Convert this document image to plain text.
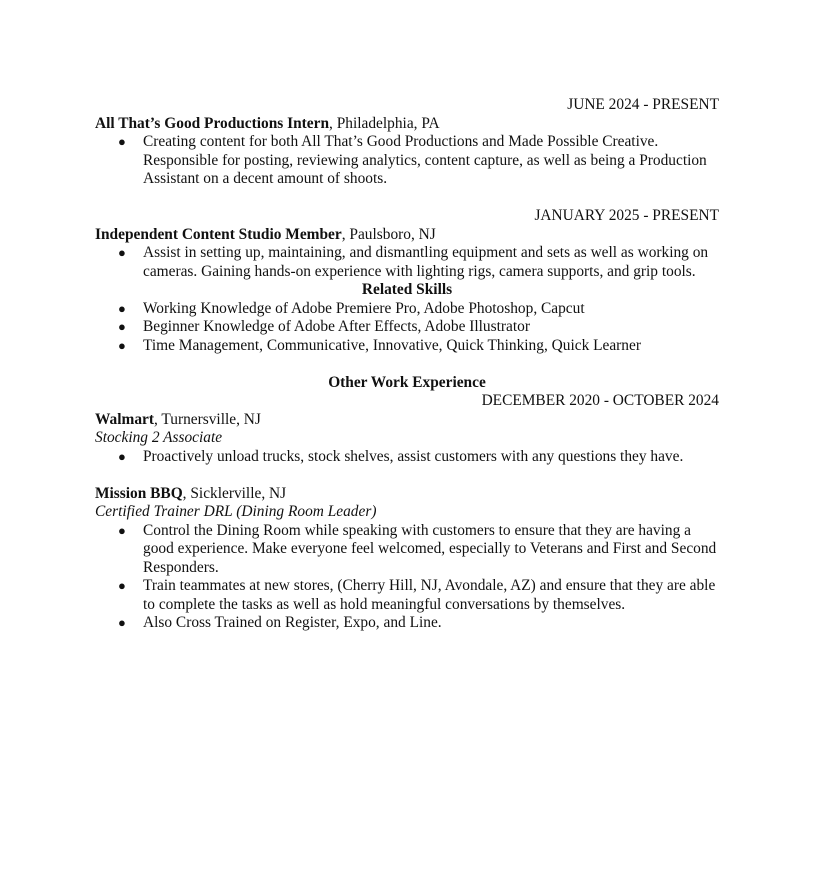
JUNE 2024 - PRESENT
All That’s Good Productions Intern, Philadelphia, PA
● Creating content for both All That’s Good Productions and Made Possible Creative. Responsible for posting, reviewing analytics, content capture, as well as being a Production Assistant on a decent amount of shoots.
JANUARY 2025 - PRESENT
Independent Content Studio Member, Paulsboro, NJ
● Assist in setting up, maintaining, and dismantling equipment and sets as well as working on cameras. Gaining hands-on experience with lighting rigs, camera supports, and grip tools.
Related Skills
● Working Knowledge of Adobe Premiere Pro, Adobe Photoshop, Capcut
● Beginner Knowledge of Adobe After Effects, Adobe Illustrator
● Time Management, Communicative, Innovative, Quick Thinking, Quick Learner
Other Work Experience
DECEMBER 2020 - OCTOBER 2024
Walmart, Turnersville, NJ
Stocking 2 Associate
● Proactively unload trucks, stock shelves, assist customers with any questions they have.
Mission BBQ, Sicklerville, NJ
Certified Trainer DRL (Dining Room Leader)
● Control the Dining Room while speaking with customers to ensure that they are having a good experience. Make everyone feel welcomed, especially to Veterans and First and Second Responders.
● Train teammates at new stores, (Cherry Hill, NJ, Avondale, AZ) and ensure that they are able to complete the tasks as well as hold meaningful conversations by themselves.
● Also Cross Trained on Register, Expo, and Line.
